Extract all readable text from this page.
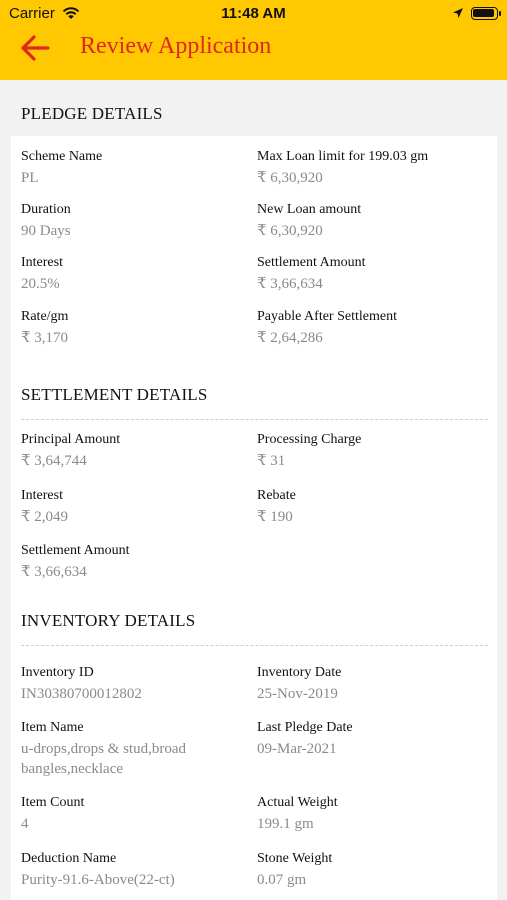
Carrier	11:48 AM
Review Application
PLEDGE DETAILS
Scheme Name
PL
Max Loan limit for 199.03 gm
₹ 6,30,920
Duration
90 Days
New Loan amount
₹ 6,30,920
Interest
20.5%
Settlement Amount
₹ 3,66,634
Rate/gm
₹ 3,170
Payable After Settlement
₹ 2,64,286
SETTLEMENT DETAILS
Principal Amount
₹ 3,64,744
Processing Charge
₹ 31
Interest
₹ 2,049
Rebate
₹ 190
Settlement Amount
₹ 3,66,634
INVENTORY DETAILS
Inventory ID
IN30380700012802
Inventory Date
25-Nov-2019
Item Name
u-drops,drops & stud,broad
bangles,necklace
Last Pledge Date
09-Mar-2021
Item Count
4
Actual Weight
199.1 gm
Deduction Name
Purity-91.6-Above(22-ct)
Stone Weight
0.07 gm
